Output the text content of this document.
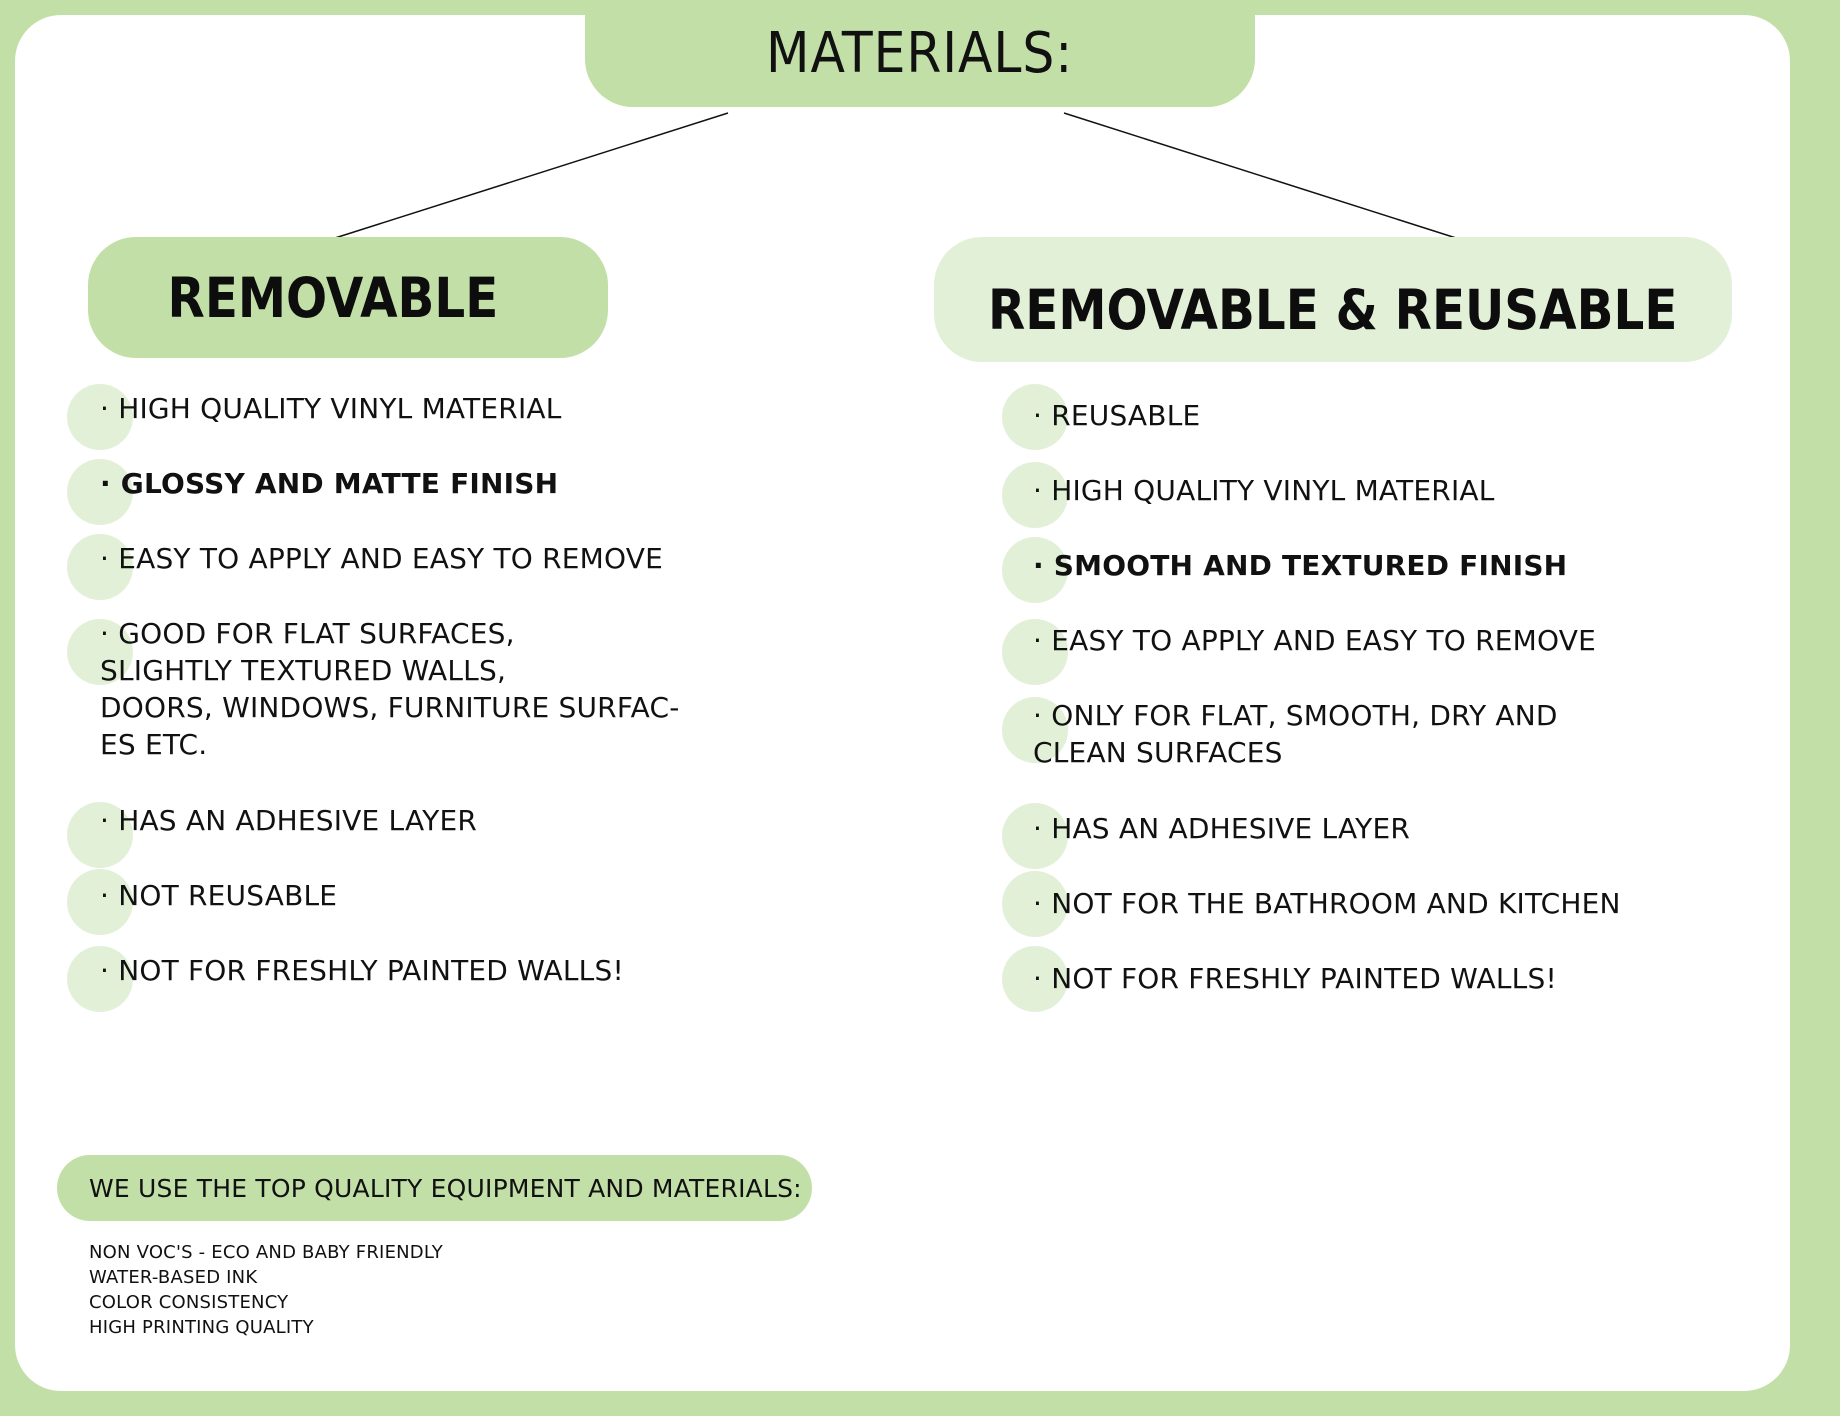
MATERIALS:
REMOVABLE	REMOVABLE & REUSABLE
· HIGH QUALITY VINYL MATERIAL
· GLOSSY AND MATTE FINISH
· EASY TO APPLY AND EASY TO REMOVE
· GOOD FOR FLAT SURFACES,
SLIGHTLY TEXTURED WALLS,
DOORS, WINDOWS, FURNITURE SURFAC-
ES ETC.
· HAS AN ADHESIVE LAYER
· NOT REUSABLE
· NOT FOR FRESHLY PAINTED WALLS!
· REUSABLE
· HIGH QUALITY VINYL MATERIAL
· SMOOTH AND TEXTURED FINISH
· EASY TO APPLY AND EASY TO REMOVE
· ONLY FOR FLAT, SMOOTH, DRY AND
CLEAN SURFACES
· HAS AN ADHESIVE LAYER
· NOT FOR THE BATHROOM AND KITCHEN
· NOT FOR FRESHLY PAINTED WALLS!
WE USE THE TOP QUALITY EQUIPMENT AND MATERIALS:
NON VOC'S - ECO AND BABY FRIENDLY
WATER-BASED INK
COLOR CONSISTENCY
HIGH PRINTING QUALITY
